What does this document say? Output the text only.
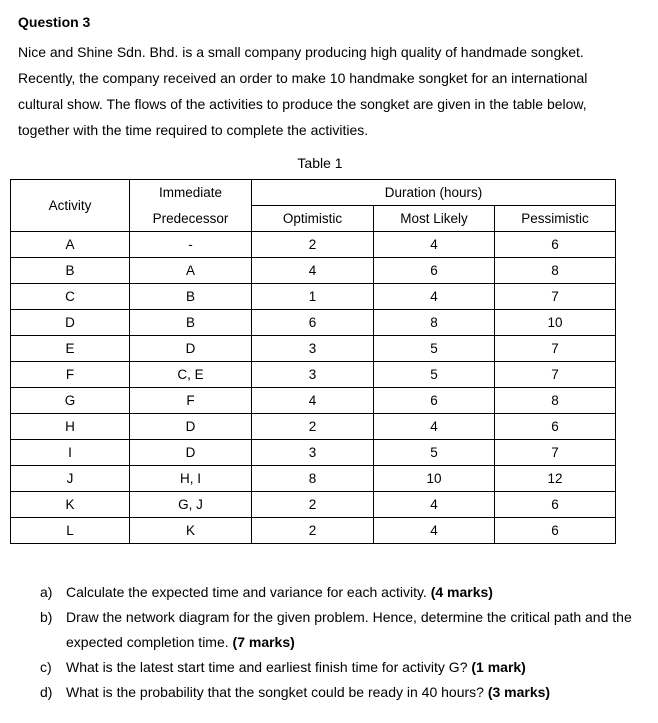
Question 3

Nice and Shine Sdn. Bhd. is a small company producing high quality of handmade songket.
Recently, the company received an order to make 10 handmake songket for an international
cultural show. The flows of the activities to produce the songket are given in the table below,
together with the time required to complete the activities.

Table 1

Activity	Immediate	Duration (hours)		
	Predecessor	Optimistic	Most Likely	Pessimistic
A	-	2	4	6
B	A	4	6	8
C	B	1	4	7
D	B	6	8	10
E	D	3	5	7
F	C, E	3	5	7
G	F	4	6	8
H	D	2	4	6
I	D	3	5	7
J	H, I	8	10	12
K	G, J	2	4	6
L	K	2	4	6
a) Calculate the expected time and variance for each activity. (4 marks)
b) Draw the network diagram for the given problem. Hence, determine the critical path and the expected completion time. (7 marks)
c) What is the latest start time and earliest finish time for activity G? (1 mark)
d) What is the probability that the songket could be ready in 40 hours? (3 marks)
